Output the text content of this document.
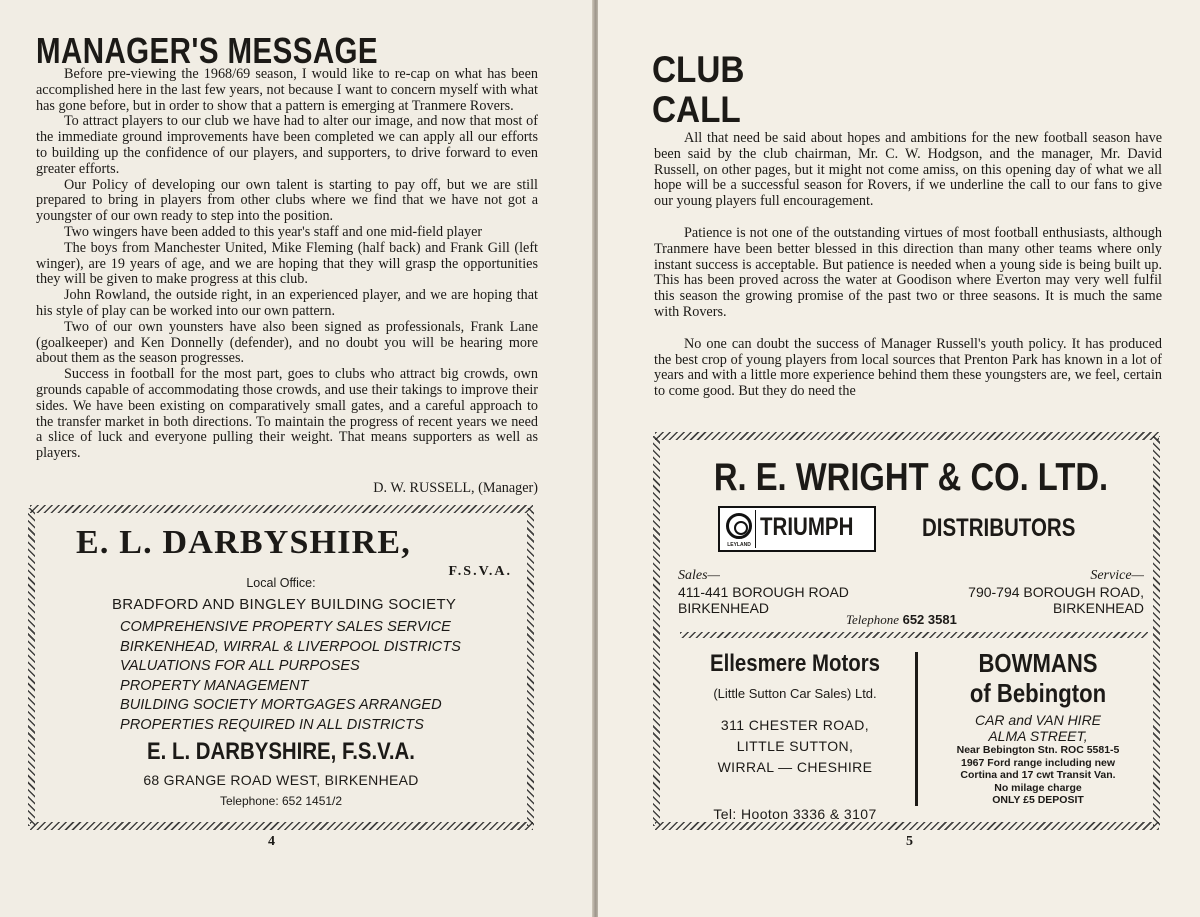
MANAGER'S MESSAGE

Before pre-viewing the 1968/69 season, I would like to re-cap on what has been accomplished here in the last few years, not because I want to concern myself with what has gone before, but in order to show that a pattern is emerging at Tranmere Rovers.

To attract players to our club we have had to alter our image, and now that most of the immediate ground improvements have been completed we can apply all our efforts to building up the confidence of our players, and supporters, to drive forward to even greater efforts.

Our Policy of developing our own talent is starting to pay off, but we are still prepared to bring in players from other clubs where we find that we have not got a youngster of our own ready to step into the position.

Two wingers have been added to this year's staff and one mid-field player

The boys from Manchester United, Mike Fleming (half back) and Frank Gill (left winger), are 19 years of age, and we are hoping that they will grasp the opportunities they will be given to make progress at this club.

John Rowland, the outside right, in an experienced player, and we are hoping that his style of play can be worked into our own pattern.

Two of our own younsters have also been signed as professionals, Frank Lane (goalkeeper) and Ken Donnelly (defender), and no doubt you will be hearing more about them as the season progresses.

Success in football for the most part, goes to clubs who attract big crowds, own grounds capable of accommodating those crowds, and use their takings to improve their sides. We have been existing on comparatively small gates, and a careful approach to the transfer market in both directions. To maintain the progress of recent years we need a slice of luck and everyone pulling their weight. That means supporters as well as players.

D. W. RUSSELL, (Manager)
E. L. DARBYSHIRE,
F.S.V.A.
Local Office:
BRADFORD AND BINGLEY BUILDING SOCIETY
COMPREHENSIVE PROPERTY SALES SERVICE
BIRKENHEAD, WIRRAL & LIVERPOOL DISTRICTS
VALUATIONS FOR ALL PURPOSES
PROPERTY MANAGEMENT
BUILDING SOCIETY MORTGAGES ARRANGED
PROPERTIES REQUIRED IN ALL DISTRICTS
E. L. DARBYSHIRE, F.S.V.A.
68 GRANGE ROAD WEST, BIRKENHEAD
Telephone: 652 1451/2
4
CLUB
CALL

All that need be said about hopes and ambitions for the new football season have been said by the club chairman, Mr. C. W. Hodgson, and the manager, Mr. David Russell, on other pages, but it might not come amiss, on this opening day of what we all hope will be a successful season for Rovers, if we underline the call to our fans to give our young players full encouragement.

Patience is not one of the outstanding virtues of most football enthusiasts, although Tranmere have been better blessed in this direction than many other teams where only instant success is acceptable. But patience is needed when a young side is being built up. This has been proved across the water at Goodison where Everton may very well fulfil this season the growing promise of the past two or three seasons. It is much the same with Rovers.

No one can doubt the success of Manager Russell's youth policy. It has produced the best crop of young players from local sources that Prenton Park has known in a lot of years and with a little more experience behind them these youngsters are, we feel, certain to come good. But they do need the

R. E. WRIGHT & CO. LTD.
LEYLAND
TRIUMPH	DISTRIBUTORS
Sales—
411-441 BOROUGH ROAD
BIRKENHEAD
Service—
790-794 BOROUGH ROAD,
BIRKENHEAD
Telephone 652 3581
Ellesmere Motors
(Little Sutton Car Sales) Ltd.
311 CHESTER ROAD,
LITTLE SUTTON,
WIRRAL — CHESHIRE
Tel: Hooton 3336 & 3107
BOWMANS
of Bebington
CAR and VAN HIRE
ALMA STREET,
Near Bebington Stn. ROC 5581-5
1967 Ford range including new
Cortina and 17 cwt Transit Van.
No milage charge
ONLY £5 DEPOSIT
5
